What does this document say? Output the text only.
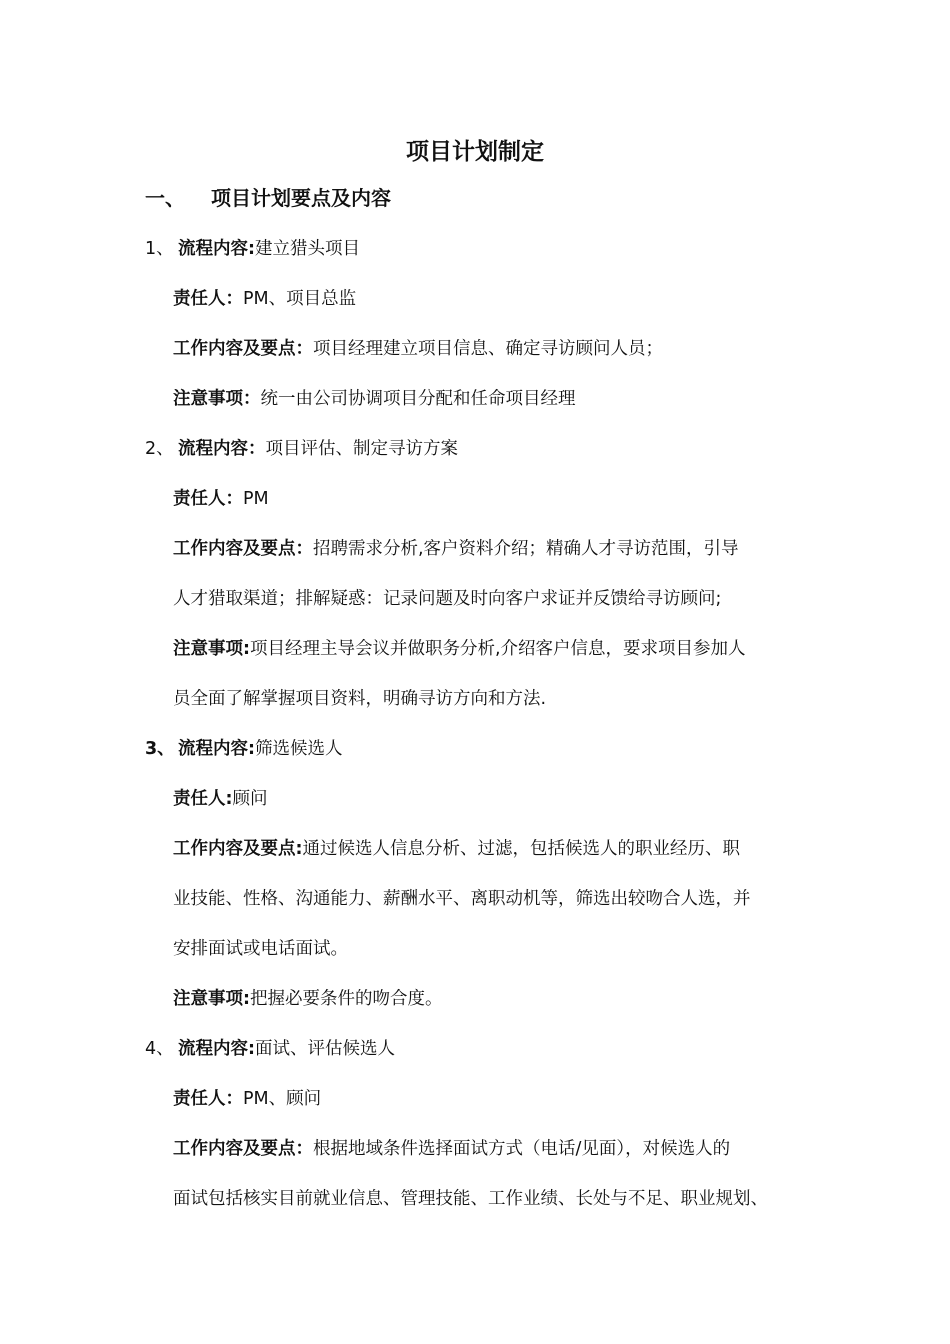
项目计划制定
一、	项目计划要点及内容
1、 流程内容:建立猎头项目
责任人：PM、项目总监
工作内容及要点：项目经理建立项目信息、确定寻访顾问人员；
注意事项：统一由公司协调项目分配和任命项目经理
2、 流程内容：项目评估、制定寻访方案
责任人：PM
工作内容及要点：招聘需求分析,客户资料介绍；精确人才寻访范围，引导
人才猎取渠道；排解疑惑：记录问题及时向客户求证并反馈给寻访顾问;
注意事项:项目经理主导会议并做职务分析,介绍客户信息，要求项目参加人
员全面了解掌握项目资料，明确寻访方向和方法.
3、 流程内容:筛选候选人
责任人:顾问
工作内容及要点:通过候选人信息分析、过滤，包括候选人的职业经历、职
业技能、性格、沟通能力、薪酬水平、离职动机等，筛选出较吻合人选，并
安排面试或电话面试。
注意事项:把握必要条件的吻合度。
4、 流程内容:面试、评估候选人
责任人：PM、顾问
工作内容及要点：根据地域条件选择面试方式（电话/见面），对候选人的
面试包括核实目前就业信息、管理技能、工作业绩、长处与不足、职业规划、
